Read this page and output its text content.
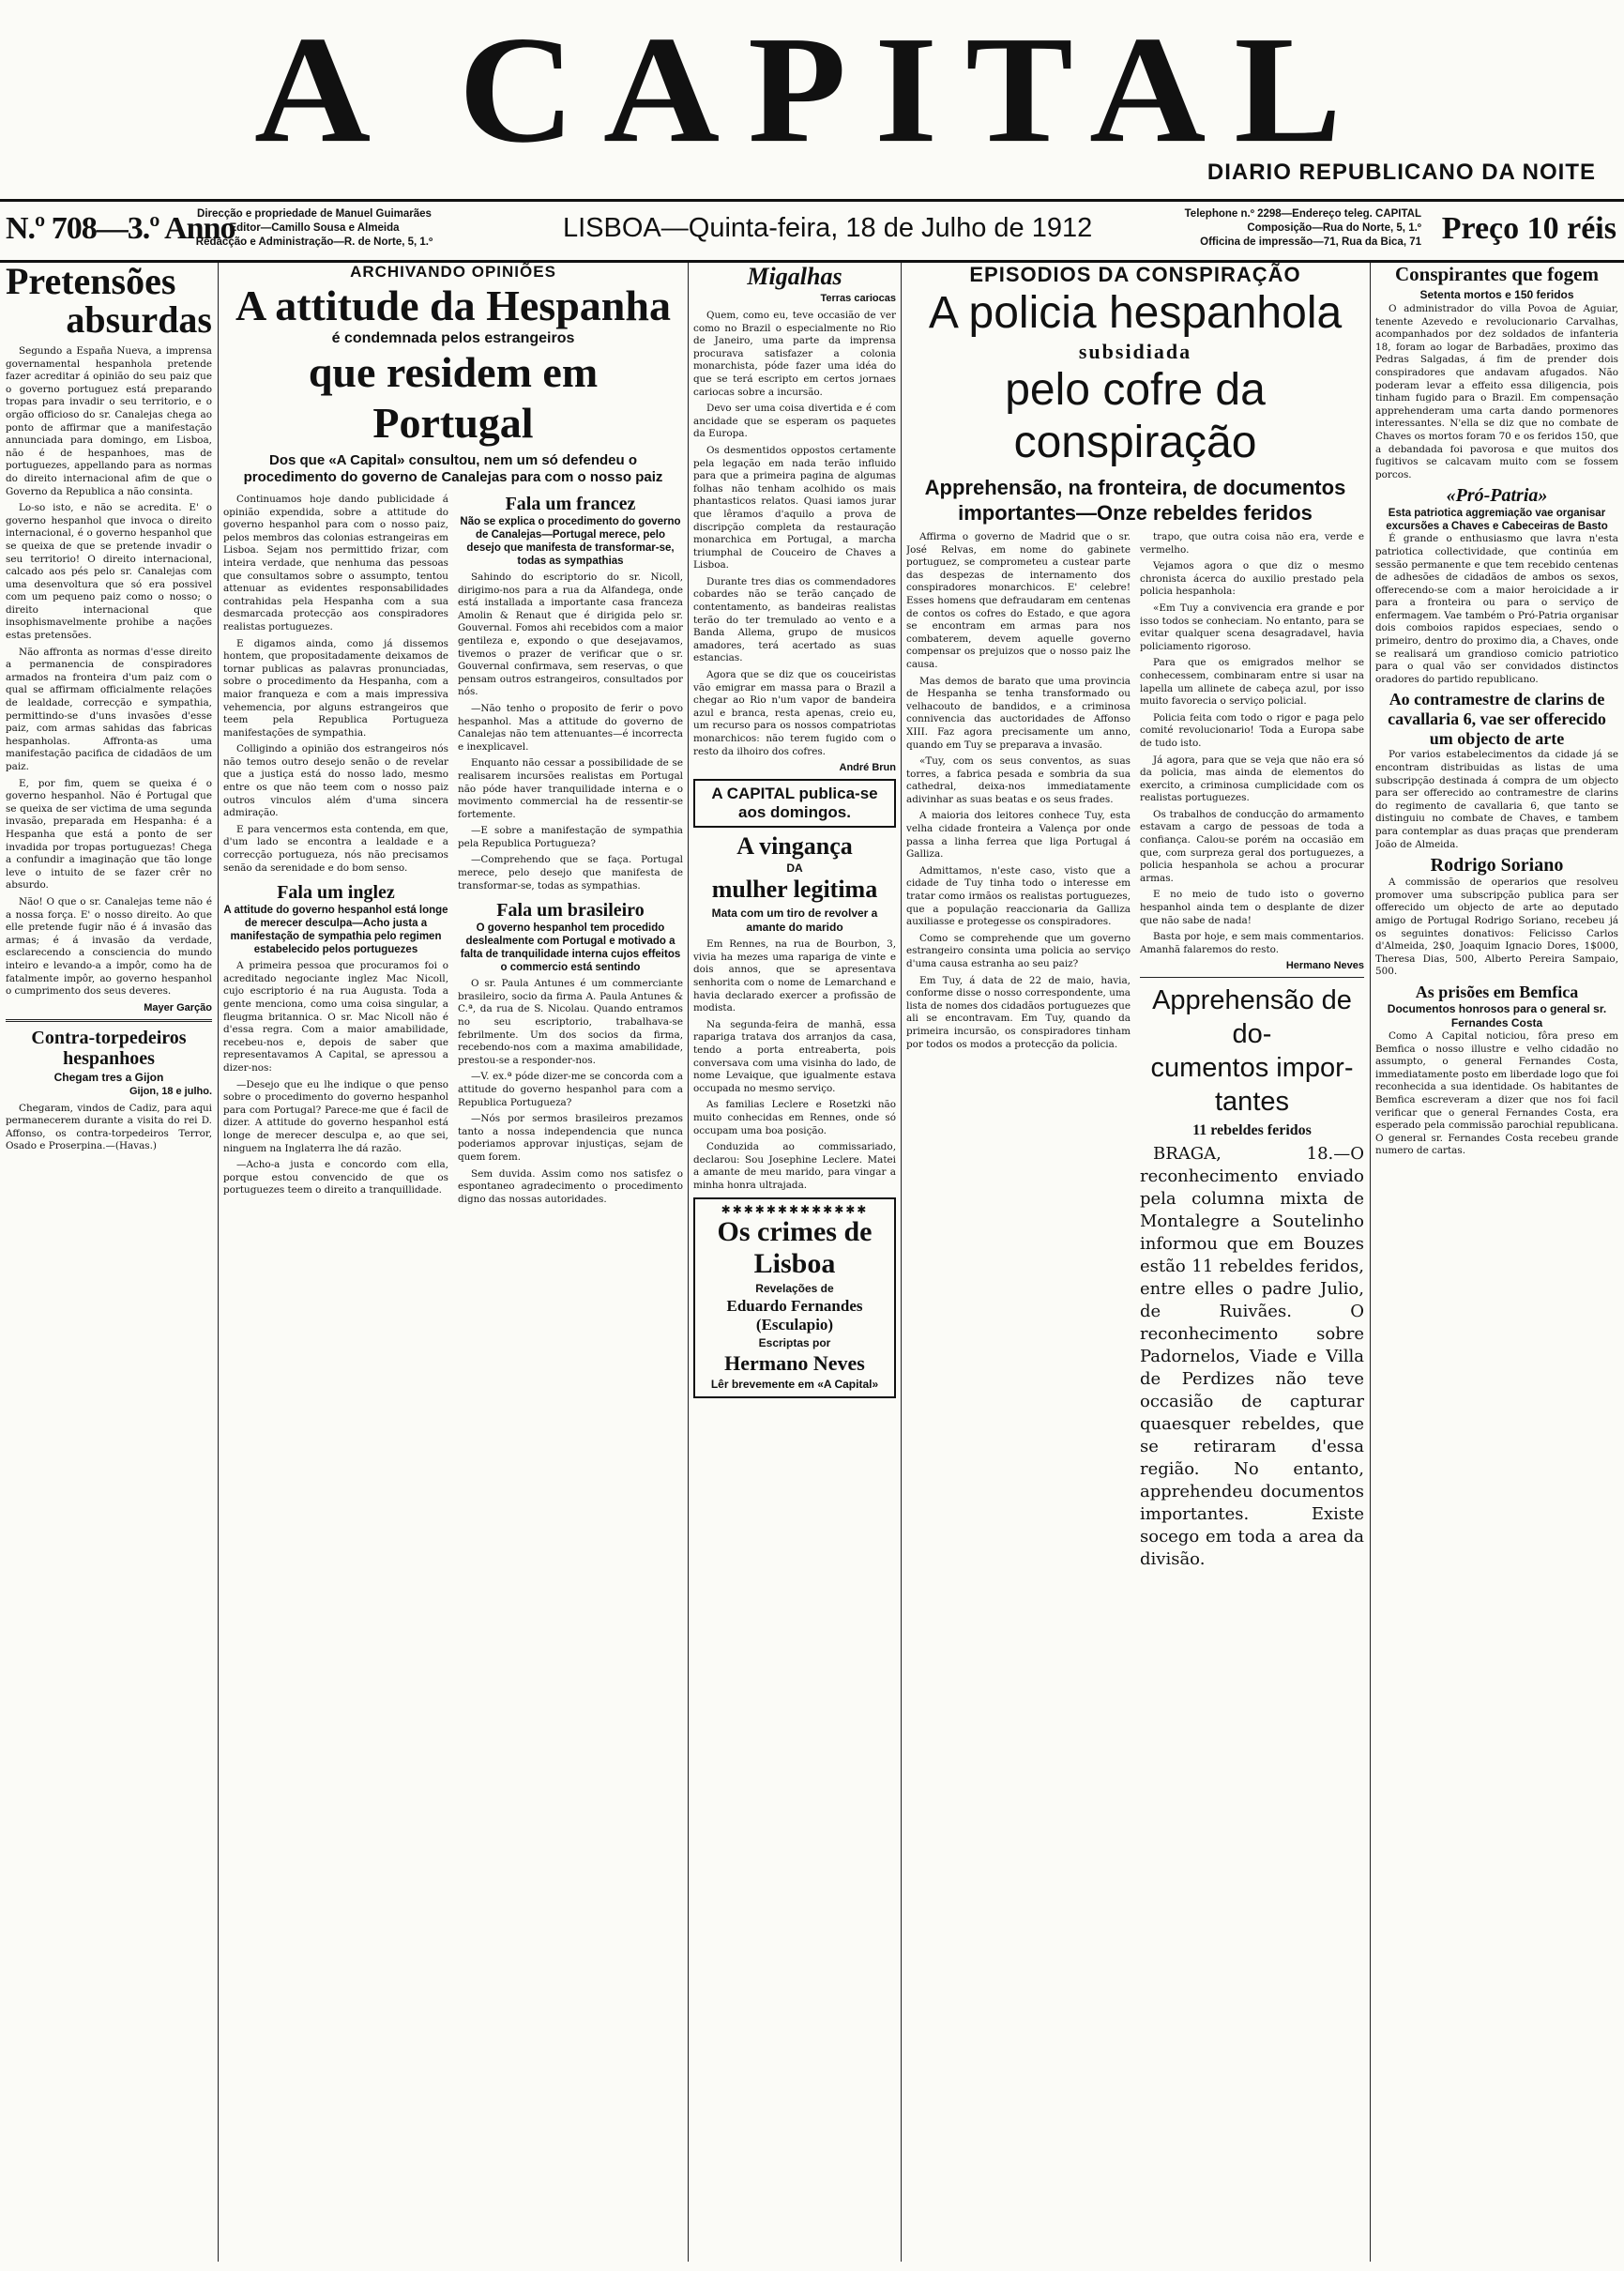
A CAPITAL
DIARIO REPUBLICANO DA NOITE
N.º 708—3.º Anno
Direcção e propriedade de Manuel Guimarães
Editor—Camillo Sousa e Almeida
Redacção e Administração—R. de Norte, 5, 1.º	LISBOA—Quinta-feira, 18 de Julho de 1912	Telephone n.º 2298—Endereço teleg. CAPITAL
Composição—Rua do Norte, 5, 1.º
Officina de impressão—71, Rua da Bica, 71 Preço 10 réis
Pretensões
absurdas

Segundo a España Nueva, a imprensa governamental hespanhola pretende fazer acreditar á opinião do seu paiz que o governo portuguez está preparando tropas para invadir o seu territorio, e o orgão officioso do sr. Canalejas chega ao ponto de affirmar que a manifestação annunciada para domingo, em Lisboa, não é de hespanhoes, mas de portuguezes, appellando para as normas do direito internacional afim de que o Governo da Republica a não consinta.

Lo-so isto, e não se acredita. E' o governo hespanhol que invoca o direito internacional, é o governo hespanhol que se queixa de que se pretende invadir o seu territorio! O direito internacional, calcado aos pés pelo sr. Canalejas com uma desenvoltura que só era possivel com um pequeno paiz como o nosso; o direito internacional que insophismavelmente prohibe a nações estas pretensões.

Não affronta as normas d'esse direito a permanencia de conspiradores armados na fronteira d'um paiz com o qual se affirmam officialmente relações de lealdade, correcção e sympathia, permittindo-se d'uns invasões d'esse paiz, com armas sahidas das fabricas hespanholas. Affronta-as uma manifestação pacifica de cidadãos de um paiz.

E, por fim, quem se queixa é o governo hespanhol. Não é Portugal que se queixa de ser victima de uma segunda invasão, preparada em Hespanha: é a Hespanha que está a ponto de ser invadida por tropas portuguezas! Chega a confundir a imaginação que tão longe leve o intuito de se fazer crêr no absurdo.

Não! O que o sr. Canalejas teme não é a nossa força. E' o nosso direito. Ao que elle pretende fugir não é á invasão das armas; é á invasão da verdade, esclarecendo a consciencia do mundo inteiro e levando-a a impôr, como ha de fatalmente impôr, ao governo hespanhol o cumprimento dos seus deveres.

Mayer Garção
Contra-torpedeiros hespanhoes
Chegam tres a Gijon
Gijon, 18 e julho.

Chegaram, vindos de Cadiz, para aqui permanecerem durante a visita do rei D. Affonso, os contra-torpedeiros Terror, Osado e Proserpina.—(Havas.)

ARCHIVANDO OPINIÕES
A attitude da Hespanha
é condemnada pelos estrangeiros
que residem em Portugal
Dos que «A Capital» consultou, nem um só defendeu o procedimento do governo de Canalejas para com o nosso paiz

Continuamos hoje dando publicidade á opinião expendida, sobre a attitude do governo hespanhol para com o nosso paiz, pelos membros das colonias estrangeiras em Lisboa. Sejam nos permittido frizar, com inteira verdade, que nenhuma das pessoas que consultamos sobre o assumpto, tentou attenuar as evidentes responsabilidades contrahidas pela Hespanha com a sua desmarcada protecção aos conspiradores realistas portuguezes.

E digamos ainda, como já dissemos hontem, que propositadamente deixamos de tornar publicas as palavras pronunciadas, sobre o procedimento da Hespanha, com a maior franqueza e com a mais impressiva vehemencia, por alguns estrangeiros que teem pela Republica Portugueza manifestações de sympathia.

Colligindo a opinião dos estrangeiros nós não temos outro desejo senão o de revelar que a justiça está do nosso lado, mesmo entre os que não teem com o nosso paiz outros vinculos além d'uma sincera admiração.

E para vencermos esta contenda, em que, d'um lado se encontra a lealdade e a correcção portugueza, nós não precisamos senão da serenidade e do bom senso.

Fala um inglez
A attitude do governo hespanhol está longe de merecer desculpa—Acho justa a manifestação de sympathia pelo regimen estabelecido pelos portuguezes

A primeira pessoa que procuramos foi o acreditado negociante inglez Mac Nicoll, cujo escriptorio é na rua Augusta. Toda a gente menciona, como uma coisa singular, a fleugma britannica. O sr. Mac Nicoll não é d'essa regra. Com a maior amabilidade, recebeu-nos e, depois de saber que representavamos A Capital, se apressou a dizer-nos:

—Desejo que eu lhe indique o que penso sobre o procedimento do governo hespanhol para com Portugal? Parece-me que é facil de dizer. A attitude do governo hespanhol está longe de merecer desculpa e, ao que sei, ninguem na Inglaterra lhe dá razão.

—Acho-a justa e concordo com ella, porque estou convencido de que os portuguezes teem o direito a tranquillidade.

Fala um francez
Não se explica o procedimento do governo de Canalejas—Portugal merece, pelo desejo que manifesta de transformar-se, todas as sympathias

Sahindo do escriptorio do sr. Nicoll, dirigimo-nos para a rua da Alfandega, onde está installada a importante casa franceza Amolin & Renaut que é dirigida pelo sr. Gouvernal. Fomos ahi recebidos com a maior gentileza e, expondo o que desejavamos, tivemos o prazer de verificar que o sr. Gouvernal confirmava, sem reservas, o que pensam outros estrangeiros, consultados por nós.

—Não tenho o proposito de ferir o povo hespanhol. Mas a attitude do governo de Canalejas não tem attenuantes—é incorrecta e inexplicavel.

Enquanto não cessar a possibilidade de se realisarem incursões realistas em Portugal não póde haver tranquilidade interna e o movimento commercial ha de ressentir-se fortemente.

—E sobre a manifestação de sympathia pela Republica Portugueza?

—Comprehendo que se faça. Portugal merece, pelo desejo que manifesta de transformar-se, todas as sympathias.

Fala um brasileiro
O governo hespanhol tem procedido deslealmente com Portugal e motivado a falta de tranquilidade interna cujos effeitos o commercio está sentindo

O sr. Paula Antunes é um commerciante brasileiro, socio da firma A. Paula Antunes & C.ª, da rua de S. Nicolau. Quando entramos no seu escriptorio, trabalhava-se febrilmente. Um dos socios da firma, recebendo-nos com a maxima amabilidade, prestou-se a responder-nos.

—V. ex.ª póde dizer-me se concorda com a attitude do governo hespanhol para com a Republica Portugueza?

—Nós por sermos brasileiros prezamos tanto a nossa independencia que nunca poderiamos approvar injustiças, sejam de quem forem.

Sem duvida. Assim como nos satisfez o espontaneo agradecimento o procedimento digno das nossas autoridades.

Migalhas
Terras cariocas

Quem, como eu, teve occasião de ver como no Brazil o especialmente no Rio de Janeiro, uma parte da imprensa procurava satisfazer a colonia monarchista, póde fazer uma idéa do que se terá escripto em certos jornaes cariocas sobre a incursão.

Devo ser uma coisa divertida e é com ancidade que se esperam os paquetes da Europa.

Os desmentidos oppostos certamente pela legação em nada terão influido para que a primeira pagina de algumas folhas não tenham acolhido os mais phantasticos relatos. Quasi iamos jurar que lêramos d'aquilo a prova de discripção completa da restauração monarchica em Portugal, a marcha triumphal de Couceiro de Chaves a Lisboa.

Durante tres dias os commendadores cobardes não se terão cançado de contentamento, as bandeiras realistas terão do ter tremulado ao vento e a Banda Allema, grupo de musicos amadores, terá acertado as suas estancias.

Agora que se diz que os couceiristas vão emigrar em massa para o Brazil a chegar ao Rio n'um vapor de bandeira azul e branca, resta apenas, creio eu, um recurso para os nossos compatriotas monarchicos: não terem fugido com o resto da ilhoiro dos cofres.

André Brun
A CAPITAL publica-se aos domingos.
A vingança
DA
mulher legitima
Mata com um tiro de revolver a amante do marido

Em Rennes, na rua de Bourbon, 3, vivia ha mezes uma rapariga de vinte e dois annos, que se apresentava senhorita com o nome de Lemarchand e havia declarado exercer a profissão de modista.

Na segunda-feira de manhã, essa rapariga tratava dos arranjos da casa, tendo a porta entreaberta, pois conversava com uma visinha do lado, de nome Levaique, que igualmente estava occupada no mesmo serviço.

As familias Leclere e Rosetzki não muito conhecidas em Rennes, onde só occupam uma boa posição.

Conduzida ao commissariado, declarou: Sou Josephine Leclere. Matei a amante de meu marido, para vingar a minha honra ultrajada.

✱✱✱✱✱✱✱✱✱✱✱✱✱
Os crimes de Lisboa
Revelações de
Eduardo Fernandes (Esculapio)
Escriptas por
Hermano Neves
Lêr brevemente em «A Capital»
EPISODIOS DA CONSPIRAÇÃO
A policia hespanhola
subsidiada
pelo cofre da conspiração
Apprehensão, na fronteira, de documentos importantes—Onze rebeldes feridos

Affirma o governo de Madrid que o sr. José Relvas, em nome do gabinete portuguez, se comprometeu a custear parte das despezas de internamento dos conspiradores monarchicos. E' celebre! Esses homens que defraudaram em centenas de contos os cofres do Estado, e que agora se encontram em armas para nos combaterem, devem aquelle governo compensar os prejuizos que o nosso paiz lhe causa.

Mas demos de barato que uma provincia de Hespanha se tenha transformado ou velhacouto de bandidos, e a criminosa connivencia das auctoridades de Affonso XIII. Faz agora precisamente um anno, quando em Tuy se preparava a invasão.

«Tuy, com os seus conventos, as suas torres, a fabrica pesada e sombria da sua cathedral, deixa-nos immediatamente adivinhar as suas beatas e os seus frades.

A maioria dos leitores conhece Tuy, esta velha cidade fronteira a Valença por onde passa a linha ferrea que liga Portugal á Galliza.

Admittamos, n'este caso, visto que a cidade de Tuy tinha todo o interesse em tratar como irmãos os realistas portuguezes, que a população reaccionaria da Galliza auxiliasse e protegesse os conspiradores.

Como se comprehende que um governo estrangeiro consinta uma policia ao serviço d'uma causa estranha ao seu paiz?

Em Tuy, á data de 22 de maio, havia, conforme disse o nosso correspondente, uma lista de nomes dos cidadãos portuguezes que ali se encontravam. Em Tuy, quando da primeira incursão, os conspiradores tinham por todos os modos a protecção da policia.

trapo, que outra coisa não era, verde e vermelho.

Vejamos agora o que diz o mesmo chronista ácerca do auxilio prestado pela policia hespanhola:

«Em Tuy a convivencia era grande e por isso todos se conheciam. No entanto, para se evitar qualquer scena desagradavel, havia policiamento rigoroso.

Para que os emigrados melhor se conhecessem, combinaram entre si usar na lapella um allinete de cabeça azul, por isso muito favorecia o serviço policial.

Policia feita com todo o rigor e paga pelo comité revolucionario! Toda a Europa sabe de tudo isto.

Já agora, para que se veja que não era só da policia, mas ainda de elementos do exercito, a criminosa cumplicidade com os realistas portuguezes.

Os trabalhos de conducção do armamento estavam a cargo de pessoas de toda a confiança. Calou-se porém na occasião em que, com surpreza geral dos portuguezes, a policia hespanhola se achou a procurar armas.

E no meio de tudo isto o governo hespanhol ainda tem o desplante de dizer que não sabe de nada!

Basta por hoje, e sem mais commentarios. Amanhã falaremos do resto.

Hermano Neves
Apprehensão de do-
cumentos impor-
tantes
11 rebeldes feridos

BRAGA, 18.—O reconhecimento enviado pela columna mixta de Montalegre a Soutelinho informou que em Bouzes estão 11 rebeldes feridos, entre elles o padre Julio, de Ruivães. O reconhecimento sobre Padornelos, Viade e Villa de Perdizes não teve occasião de capturar quaesquer rebeldes, que se retiraram d'essa região. No entanto, apprehendeu documentos importantes. Existe socego em toda a area da divisão.

Conspirantes que fogem
Setenta mortos e 150 feridos

O administrador do villa Povoa de Aguiar, tenente Azevedo e revolucionario Carvalhas, acompanhados por dez soldados de infanteria 18, foram ao logar de Barbadães, proximo das Pedras Salgadas, á fim de prender dois conspiradores que andavam afugados. Não poderam levar a effeito essa diligencia, pois tinham fugido para o Brazil. Em compensação apprehenderam uma carta dando pormenores interessantes. N'ella se diz que no combate de Chaves os mortos foram 70 e os feridos 150, que a debandada foi pavorosa e que muitos dos fugitivos se calcavam muito com se fossem porcos.

«Pró-Patria»
Esta patriotica aggremiação vae organisar excursões a Chaves e Cabeceiras de Basto

É grande o enthusiasmo que lavra n'esta patriotica collectividade, que continúa em sessão permanente e que tem recebido centenas de adhesões de cidadãos de ambos os sexos, offerecendo-se com a maior heroicidade a ir para a fronteira ou para o serviço de enfermagem. Vae também o Pró-Patria organisar dois comboios rapidos especiaes, sendo o primeiro, dentro do proximo dia, a Chaves, onde se realisará um grandioso comicio patriotico para o qual vão ser convidados distinctos oradores do partido republicano.

Ao contramestre de clarins de cavallaria 6, vae ser offerecido um objecto de arte

Por varios estabelecimentos da cidade já se encontram distribuidas as listas de uma subscripção destinada á compra de um objecto para ser offerecido ao contramestre de clarins do regimento de cavallaria 6, que tanto se distinguiu no combate de Chaves, e tambem para contemplar as duas praças que prenderam João de Almeida.

Rodrigo Soriano

A commissão de operarios que resolveu promover uma subscripção publica para ser offerecido um objecto de arte ao deputado amigo de Portugal Rodrigo Soriano, recebeu já os seguintes donativos: Felicisso Carlos d'Almeida, 2$0, Joaquim Ignacio Dores, 1$000, Theresa Dias, 500, Alberto Pereira Sampaio, 500.

As prisões em Bemfica
Documentos honrosos para o general sr. Fernandes Costa

Como A Capital noticiou, fôra preso em Bemfica o nosso illustre e velho cidadão no assumpto, o general Fernandes Costa, immediatamente posto em liberdade logo que foi reconhecida a sua identidade. Os habitantes de Bemfica escreveram a dizer que nos foi facil verificar que o general Fernandes Costa, era esperado pela commissão parochial republicana. O general sr. Fernandes Costa recebeu grande numero de cartas.
